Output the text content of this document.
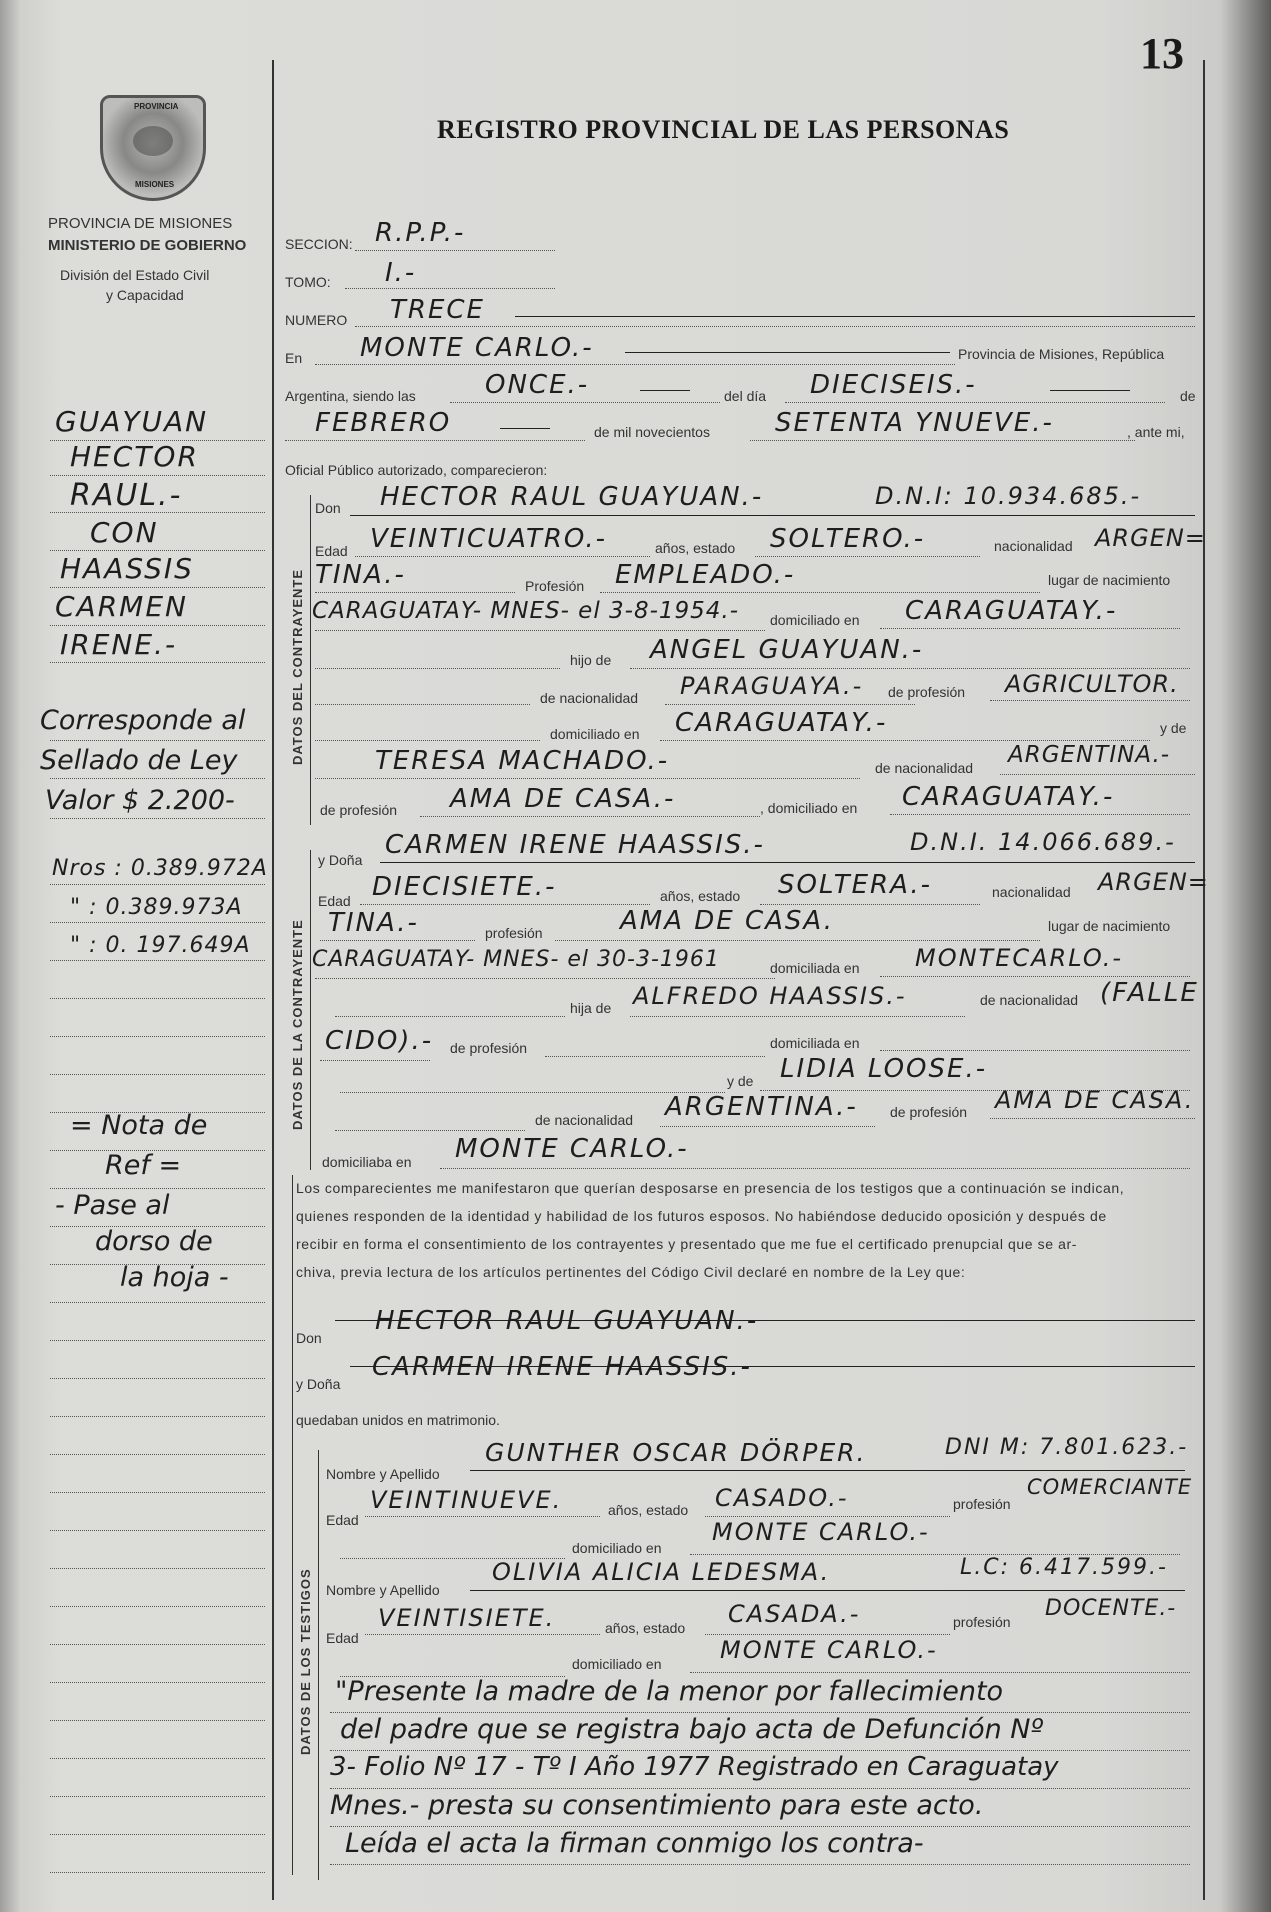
13
PROVINCIA
MISIONES
PROVINCIA DE MISIONES
MINISTERIO DE GOBIERNO
División del Estado Civil
y Capacidad
REGISTRO PROVINCIAL DE LAS PERSONAS
SECCION: R.P.P.-
TOMO: I.-
NUMERO TRECE
En MONTE CARLO.-	Provincia de Misiones, República
Argentina, siendo las	ONCE.-	del día DIECISEIS.-	de
FEBRERO	de mil novecientos	SETENTA YNUEVE.-	, ante mi,
Oficial Público autorizado, comparecieron:
GUAYUAN
HECTOR
RAUL.-
CON
HAASSIS
CARMEN
IRENE.-
Corresponde al
Sellado de Ley
Valor $ 2.200-
Nros : 0.389.972A
" : 0.389.973A
" : 0. 197.649A
= Nota de
Ref =
- Pase al
dorso de
la hoja -
DATOS DEL CONTRAYENTE
Don HECTOR RAUL GUAYUAN.-	D.N.I: 10.934.685.-
Edad VEINTICUATRO.-	años, estado SOLTERO.-	nacionalidad ARGEN=
TINA.-	Profesión EMPLEADO.-	lugar de nacimiento
CARAGUATAY- MNES- el 3-8-1954.- domiciliado en CARAGUATAY.-
hijo de ANGEL GUAYUAN.-
de nacionalidad PARAGUAYA.- de profesión AGRICULTOR.
domiciliado en CARAGUATAY.-	y de
TERESA MACHADO.-	de nacionalidad ARGENTINA.-
de profesión AMA DE CASA.-	, domiciliado en CARAGUATAY.-
DATOS DE LA CONTRAYENTE
y Doña CARMEN IRENE HAASSIS.-	D.N.I. 14.066.689.-
Edad DIECISIETE.-	años, estado SOLTERA.-	nacionalidad ARGEN=
TINA.-	profesión	AMA DE CASA.	lugar de nacimiento
CARAGUATAY- MNES- el 30-3-1961	domiciliada en MONTECARLO.-
hija de ALFREDO HAASSIS.-	de nacionalidad (FALLE
CIDO).- de profesión	domiciliada en
y de LIDIA LOOSE.-
de nacionalidad ARGENTINA.- de profesión AMA DE CASA.
domiciliaba en MONTE CARLO.-
Los comparecientes me manifestaron que querían desposarse en presencia de los testigos que a continuación se indican,
quienes responden de la identidad y habilidad de los futuros esposos. No habiéndose deducido oposición y después de
recibir en forma el consentimiento de los contrayentes y presentado que me fue el certificado prenupcial que se ar-
chiva, previa lectura de los artículos pertinentes del Código Civil declaré en nombre de la Ley que:
Don
HECTOR RAUL GUAYUAN.-
y Doña
CARMEN IRENE HAASSIS.-
quedaban unidos en matrimonio.
DATOS DE LOS TESTIGOS
Nombre y Apellido
GUNTHER OSCAR DÖRPER.	DNI M: 7.801.623.-
Edad
VEINTINUEVE.	años, estado CASADO.-	profesión
COMERCIANTE
domiciliado en
MONTE CARLO.-
Nombre y Apellido
OLIVIA ALICIA LEDESMA.	L.C: 6.417.599.-
Edad
VEINTISIETE.	años, estado CASADA.-	profesión
DOCENTE.-
domiciliado en MONTE CARLO.-
"Presente la madre de la menor por fallecimiento
del padre que se registra bajo acta de Defunción Nº
3- Folio Nº 17 - Tº I Año 1977 Registrado en Caraguatay
Mnes.- presta su consentimiento para este acto.
Leída el acta la firman conmigo los contra-
